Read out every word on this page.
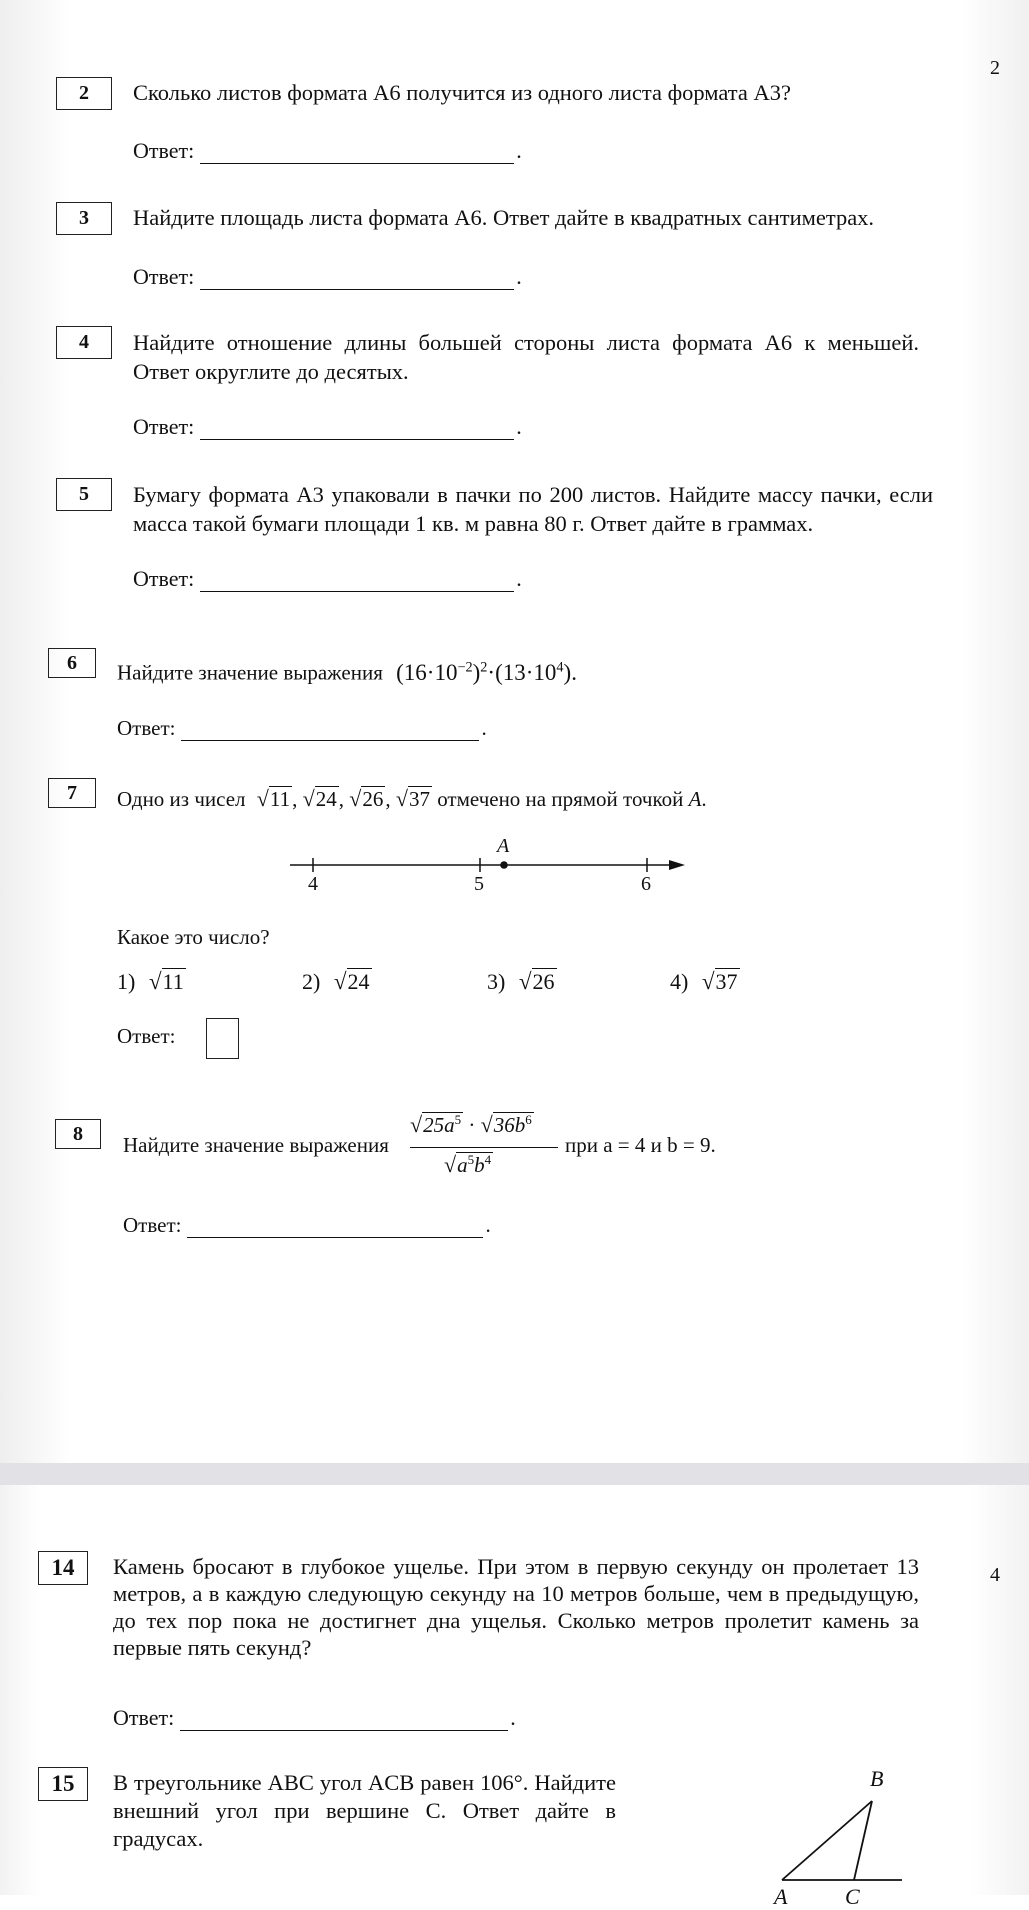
2
2	Сколько листов формата А6 получится из одного листа формата А3?
Ответ:	.
3	Найдите площадь листа формата А6. Ответ дайте в квадратных сантиметрах.
Ответ:	.
4	Найдите отношение длины большей стороны листа формата А6 к меньшей. Ответ округлите до десятых.
Ответ:	.
5	Бумагу формата А3 упаковали в пачки по 200 листов. Найдите массу пачки, если масса такой бумаги площади 1 кв. м равна 80 г. Ответ дайте в граммах.
Ответ:	.
6	Найдите значение выражения $(16\cdot 10^{-2})^2\cdot(13\cdot 10^4)$.
Ответ:	.
7	Одно из чисел √11, √24, √26, √37 отмечено на прямой точкой A.
A
4	5	6
Какое это число?
1) √11	2) √24	3) √26	4) √37
Ответ:
8	Найдите значение выражения
$√25a^5 \cdot √36b^6$
$√a^5b^4$
при a = 4 и b = 9.
Ответ:	.
4
14	Камень бросают в глубокое ущелье. При этом в первую секунду он пролетает 13 метров, а в каждую следующую секунду на 10 метров больше, чем в предыдущую, до тех пор пока не достигнет дна ущелья. Сколько метров пролетит камень за первые пять секунд?
Ответ:	.
15	В треугольнике ABC угол ACB равен 106°. Найдите внешний угол при вершине C. Ответ дайте в градусах.
B
A	C
